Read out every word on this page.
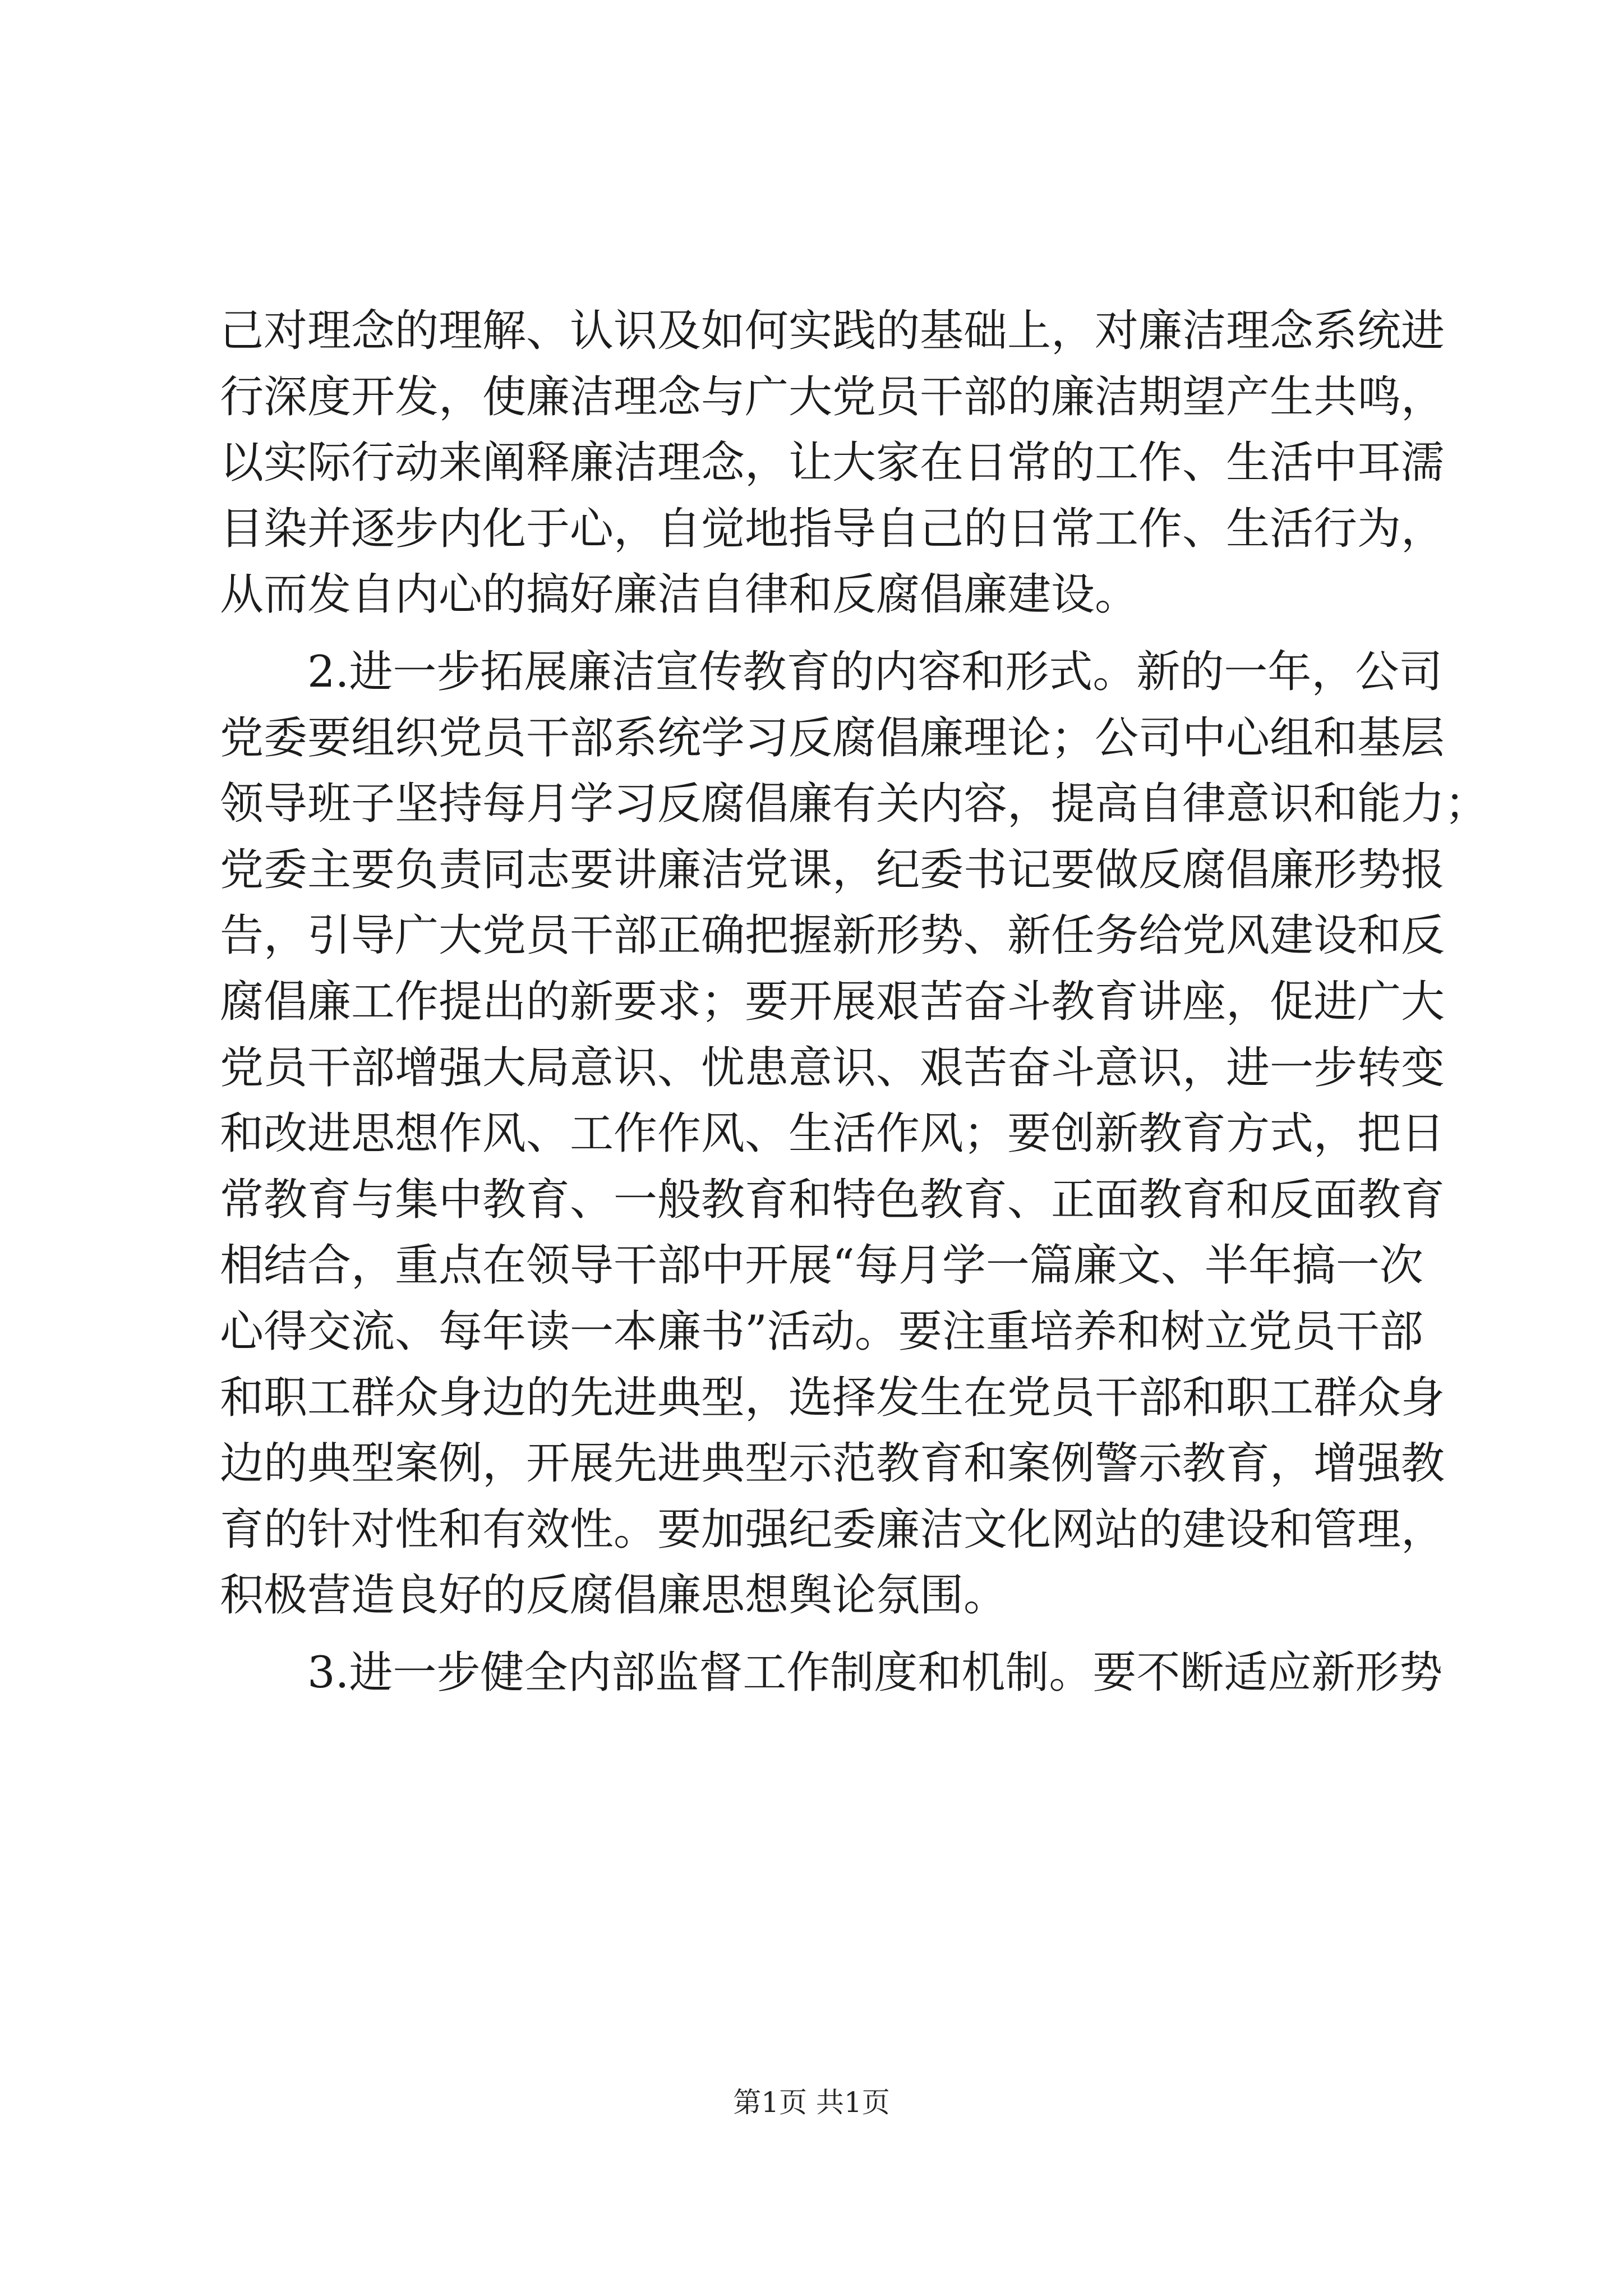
己对理念的理解、认识及如何实践的基础上，对廉洁理念系统进
行深度开发，使廉洁理念与广大党员干部的廉洁期望产生共鸣，
以实际行动来阐释廉洁理念，让大家在日常的工作、生活中耳濡
目染并逐步内化于心，自觉地指导自己的日常工作、生活行为，
从而发自内心的搞好廉洁自律和反腐倡廉建设。
2.进一步拓展廉洁宣传教育的内容和形式。新的一年，公司
党委要组织党员干部系统学习反腐倡廉理论；公司中心组和基层
领导班子坚持每月学习反腐倡廉有关内容，提高自律意识和能力；
党委主要负责同志要讲廉洁党课，纪委书记要做反腐倡廉形势报
告，引导广大党员干部正确把握新形势、新任务给党风建设和反
腐倡廉工作提出的新要求；要开展艰苦奋斗教育讲座，促进广大
党员干部增强大局意识、忧患意识、艰苦奋斗意识，进一步转变
和改进思想作风、工作作风、生活作风；要创新教育方式，把日
常教育与集中教育、一般教育和特色教育、正面教育和反面教育
相结合，重点在领导干部中开展“每月学一篇廉文、半年搞一次
心得交流、每年读一本廉书”活动。要注重培养和树立党员干部
和职工群众身边的先进典型，选择发生在党员干部和职工群众身
边的典型案例，开展先进典型示范教育和案例警示教育，增强教
育的针对性和有效性。要加强纪委廉洁文化网站的建设和管理，
积极营造良好的反腐倡廉思想舆论氛围。
3.进一步健全内部监督工作制度和机制。要不断适应新形势
第1页 共1页
